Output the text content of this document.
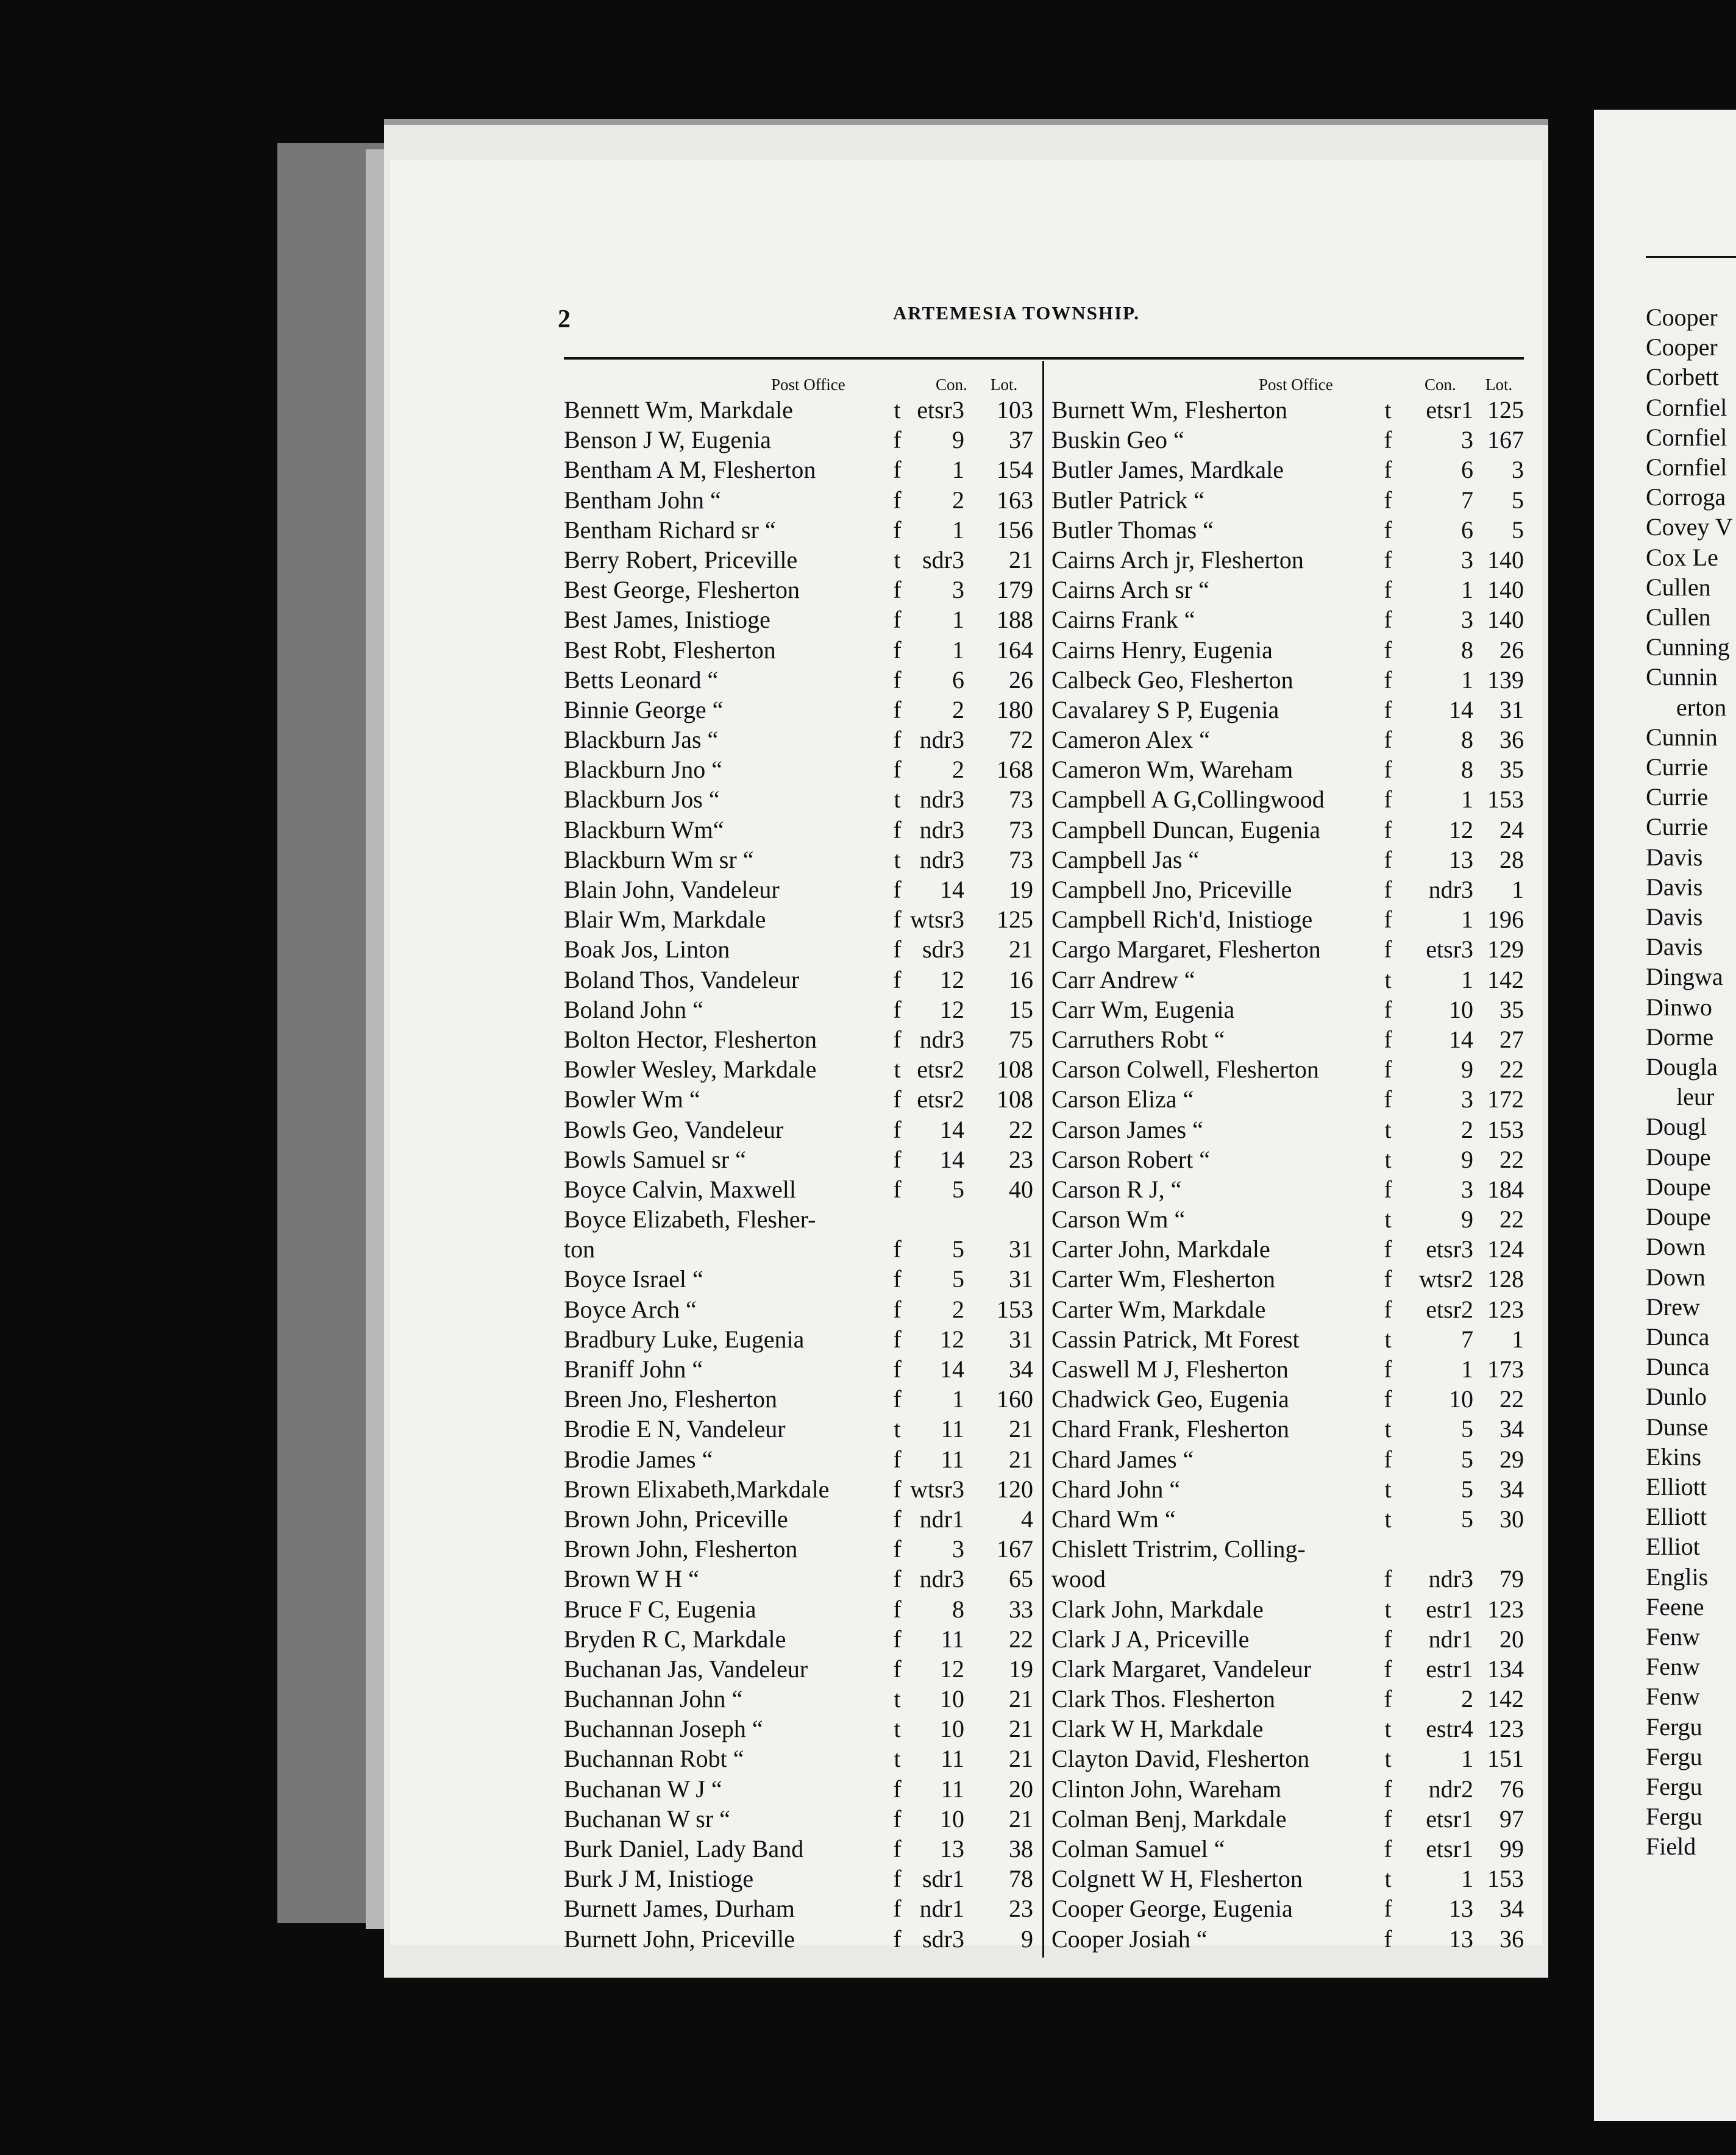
Cooper
Cooper
Corbett
Cornfiel
Cornfiel
Cornfiel
Corroga
Covey V
Cox Le
Cullen
Cullen
Cunning
Cunnin
erton
Cunnin
Currie
Currie
Currie
Davis
Davis
Davis
Davis
Dingwa
Dinwo
Dorme
Dougla
leur
Dougl
Doupe
Doupe
Doupe
Down
Down
Drew
Dunca
Dunca
Dunlo
Dunse
Ekins
Elliott
Elliott
Elliot
Englis
Feene
Fenw
Fenw
Fenw
Fergu
Fergu
Fergu
Fergu
Field
2	ARTEMESIA TOWNSHIP.
Post Office	Con. Lot.
Bennett Wm, Markdale	t etsr3	103
Benson J W, Eugenia	f	9	37
Bentham A M, Flesherton	f	1	154
Bentham John “	f	2	163
Bentham Richard sr “	f	1	156
Berry Robert, Priceville	t sdr3	21
Best George, Flesherton	f	3	179
Best James, Inistioge	f	1	188
Best Robt, Flesherton	f	1	164
Betts Leonard “	f	6	26
Binnie George “	f	2	180
Blackburn Jas “	f ndr3	72
Blackburn Jno “	f	2	168
Blackburn Jos “	t ndr3	73
Blackburn Wm“	f ndr3	73
Blackburn Wm sr “	t ndr3	73
Blain John, Vandeleur	f	14	19
Blair Wm, Markdale	f wtsr3	125
Boak Jos, Linton	f sdr3	21
Boland Thos, Vandeleur	f	12	16
Boland John “	f	12	15
Bolton Hector, Flesherton	f ndr3	75
Bowler Wesley, Markdale	t etsr2	108
Bowler Wm “	f etsr2	108
Bowls Geo, Vandeleur	f	14	22
Bowls Samuel sr “	f	14	23
Boyce Calvin, Maxwell	f	5	40
Boyce Elizabeth, Flesher-
ton	f	5	31
Boyce Israel “	f	5	31
Boyce Arch “	f	2	153
Bradbury Luke, Eugenia	f	12	31
Braniff John “	f	14	34
Breen Jno, Flesherton	f	1	160
Brodie E N, Vandeleur	t	11	21
Brodie James “	f	11	21
Brown Elixabeth,Markdale	f wtsr3	120
Brown John, Priceville	f ndr1	4
Brown John, Flesherton	f	3	167
Brown W H “	f ndr3	65
Bruce F C, Eugenia	f	8	33
Bryden R C, Markdale	f	11	22
Buchanan Jas, Vandeleur	f	12	19
Buchannan John “	t	10	21
Buchannan Joseph “	t	10	21
Buchannan Robt “	t	11	21
Buchanan W J “	f	11	20
Buchanan W sr “	f	10	21
Burk Daniel, Lady Band	f	13	38
Burk J M, Inistioge	f sdr1	78
Burnett James, Durham	f ndr1	23
Burnett John, Priceville	f sdr3	9
Post Office	Con. Lot.
Burnett Wm, Flesherton	t	etsr1 125
Buskin Geo “	f	3 167
Butler James, Mardkale	f	6	3
Butler Patrick “	f	7	5
Butler Thomas “	f	6	5
Cairns Arch jr, Flesherton	f	3 140
Cairns Arch sr “	f	1 140
Cairns Frank “	f	3 140
Cairns Henry, Eugenia	f	8	26
Calbeck Geo, Flesherton	f	1 139
Cavalarey S P, Eugenia	f	14	31
Cameron Alex “	f	8	36
Cameron Wm, Wareham	f	8	35
Campbell A G,Collingwood f	1 153
Campbell Duncan, Eugenia	f	12	24
Campbell Jas “	f	13	28
Campbell Jno, Priceville	f	ndr3	1
Campbell Rich'd, Inistioge	f	1 196
Cargo Margaret, Flesherton	f	etsr3 129
Carr Andrew “	t	1 142
Carr Wm, Eugenia	f	10	35
Carruthers Robt “	f	14	27
Carson Colwell, Flesherton	f	9	22
Carson Eliza “	f	3 172
Carson James “	t	2 153
Carson Robert “	t	9	22
Carson R J, “	f	3 184
Carson Wm “	t	9	22
Carter John, Markdale	f	etsr3 124
Carter Wm, Flesherton	f	wtsr2 128
Carter Wm, Markdale	f	etsr2 123
Cassin Patrick, Mt Forest	t	7	1
Caswell M J, Flesherton	f	1 173
Chadwick Geo, Eugenia	f	10	22
Chard Frank, Flesherton	t	5	34
Chard James “	f	5	29
Chard John “	t	5	34
Chard Wm “	t	5	30
Chislett Tristrim, Colling-
wood	f	ndr3	79
Clark John, Markdale	t	estr1 123
Clark J A, Priceville	f	ndr1	20
Clark Margaret, Vandeleur	f	estr1 134
Clark Thos. Flesherton	f	2 142
Clark W H, Markdale	t	estr4 123
Clayton David, Flesherton	t	1 151
Clinton John, Wareham	f	ndr2	76
Colman Benj, Markdale	f	etsr1	97
Colman Samuel “	f	etsr1	99
Colgnett W H, Flesherton	t	1 153
Cooper George, Eugenia	f	13	34
Cooper Josiah “	f	13	36
